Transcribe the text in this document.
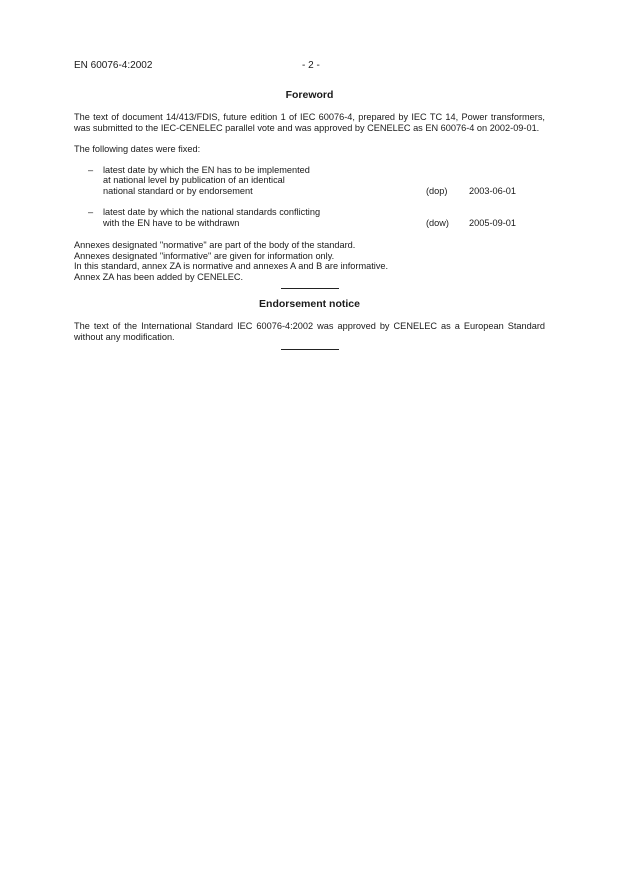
EN 60076-4:2002	- 2 -
Foreword

The text of document 14/413/FDIS, future edition 1 of IEC 60076-4, prepared by IEC TC 14, Power transformers, was submitted to the IEC-CENELEC parallel vote and was approved by CENELEC as EN 60076-4 on 2002-09-01.

The following dates were fixed:

– latest date by which the EN has to be implemented
at national level by publication of an identical
national standard or by endorsement	(dop) 2003-06-01
– latest date by which the national standards conflicting
with the EN have to be withdrawn	(dow) 2005-09-01

Annexes designated "normative" are part of the body of the standard.

Annexes designated "informative" are given for information only.

In this standard, annex ZA is normative and annexes A and B are informative.

Annex ZA has been added by CENELEC.

Endorsement notice

The text of the International Standard IEC 60076-4:2002 was approved by CENELEC as a European Standard without any modification.
